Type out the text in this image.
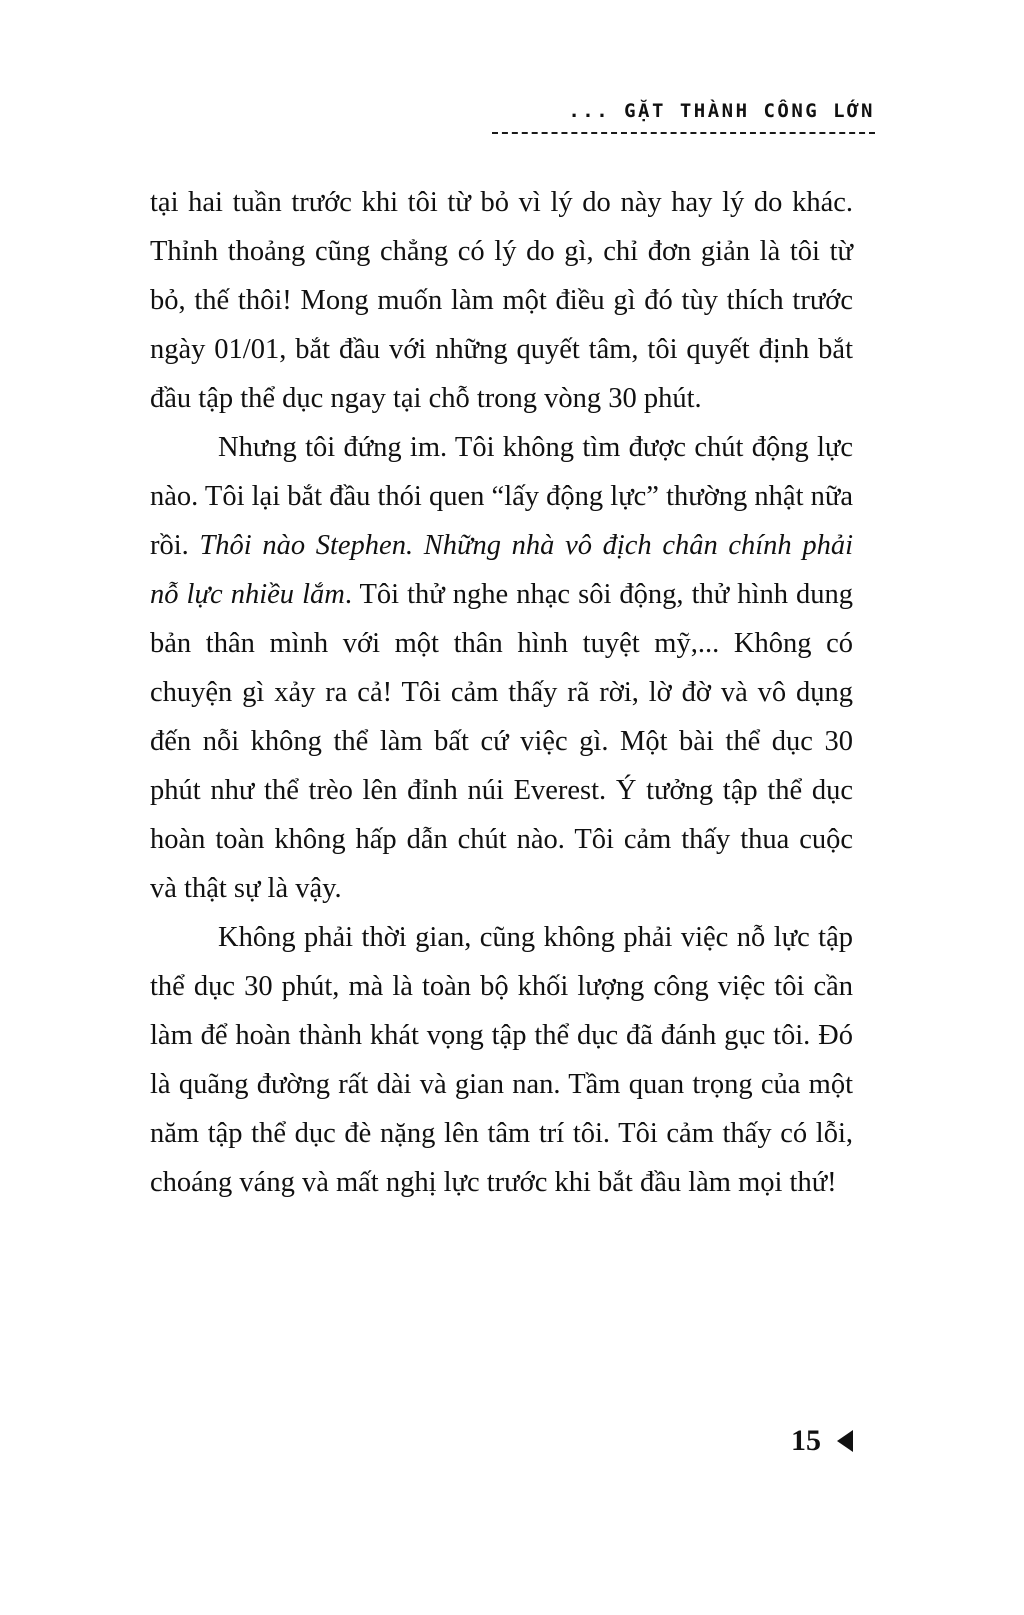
... GẶT THÀNH CÔNG LỚN

tại hai tuần trước khi tôi từ bỏ vì lý do này hay lý do khác. Thỉnh thoảng cũng chẳng có lý do gì, chỉ đơn giản là tôi từ bỏ, thế thôi! Mong muốn làm một điều gì đó tùy thích trước ngày 01/01, bắt đầu với những quyết tâm, tôi quyết định bắt đầu tập thể dục ngay tại chỗ trong vòng 30 phút.

Nhưng tôi đứng im. Tôi không tìm được chút động lực nào. Tôi lại bắt đầu thói quen “lấy động lực” thường nhật nữa rồi. Thôi nào Stephen. Những nhà vô địch chân chính phải nỗ lực nhiều lắm. Tôi thử nghe nhạc sôi động, thử hình dung bản thân mình với một thân hình tuyệt mỹ,... Không có chuyện gì xảy ra cả! Tôi cảm thấy rã rời, lờ đờ và vô dụng đến nỗi không thể làm bất cứ việc gì. Một bài thể dục 30 phút như thể trèo lên đỉnh núi Everest. Ý tưởng tập thể dục hoàn toàn không hấp dẫn chút nào. Tôi cảm thấy thua cuộc và thật sự là vậy.

Không phải thời gian, cũng không phải việc nỗ lực tập thể dục 30 phút, mà là toàn bộ khối lượng công việc tôi cần làm để hoàn thành khát vọng tập thể dục đã đánh gục tôi. Đó là quãng đường rất dài và gian nan. Tầm quan trọng của một năm tập thể dục đè nặng lên tâm trí tôi. Tôi cảm thấy có lỗi, choáng váng và mất nghị lực trước khi bắt đầu làm mọi thứ!

15
